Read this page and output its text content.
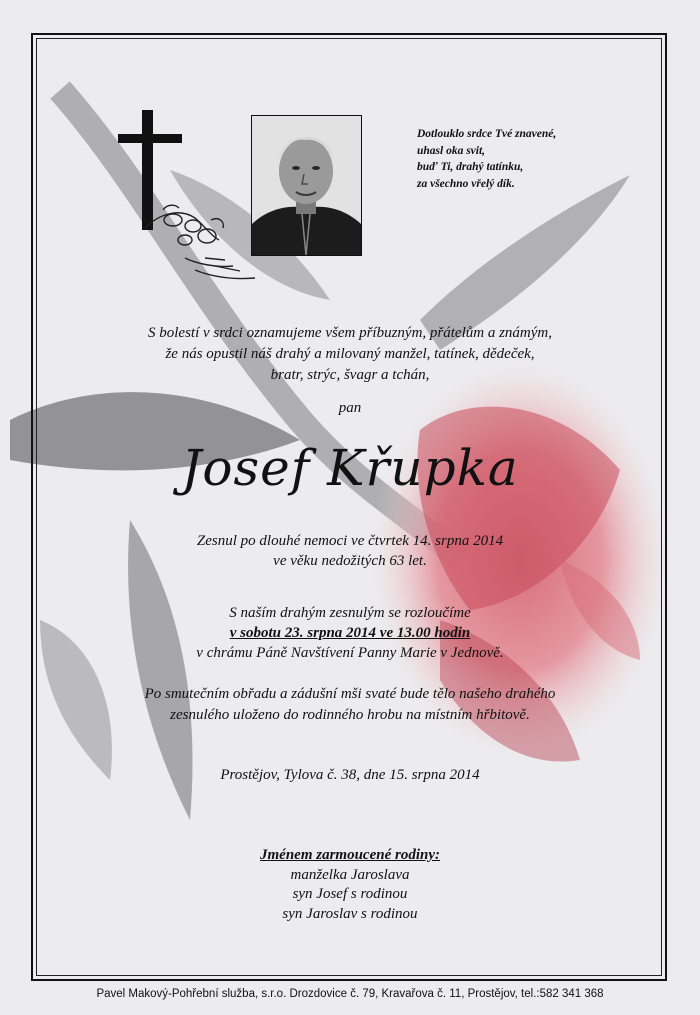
Dotlouklo srdce Tvé znavené,
uhasl oka svit,
buď Ti, drahý tatínku,
za všechno vřelý dík.
S bolestí v srdci oznamujeme všem příbuzným, přátelům a známým,
že nás opustil náš drahý a milovaný manžel, tatínek, dědeček,
bratr, strýc, švagr a tchán,
pan
Josef Křupka
Zesnul po dlouhé nemoci ve čtvrtek 14. srpna 2014
ve věku nedožitých 63 let.
S naším drahým zesnulým se rozloučíme
v sobotu 23. srpna 2014 ve 13.00 hodin
v chrámu Páně Navštívení Panny Marie v Jednově.
Po smutečním obřadu a zádušní mši svaté bude tělo našeho drahého
zesnulého uloženo do rodinného hrobu na místním hřbitově.
Prostějov, Tylova č. 38, dne 15. srpna 2014
Jménem zarmoucené rodiny:
manželka Jaroslava
syn Josef s rodinou
syn Jaroslav s rodinou
Pavel Makový-Pohřební služba, s.r.o. Drozdovice č. 79, Kravařova č. 11, Prostějov, tel.:582 341 368
